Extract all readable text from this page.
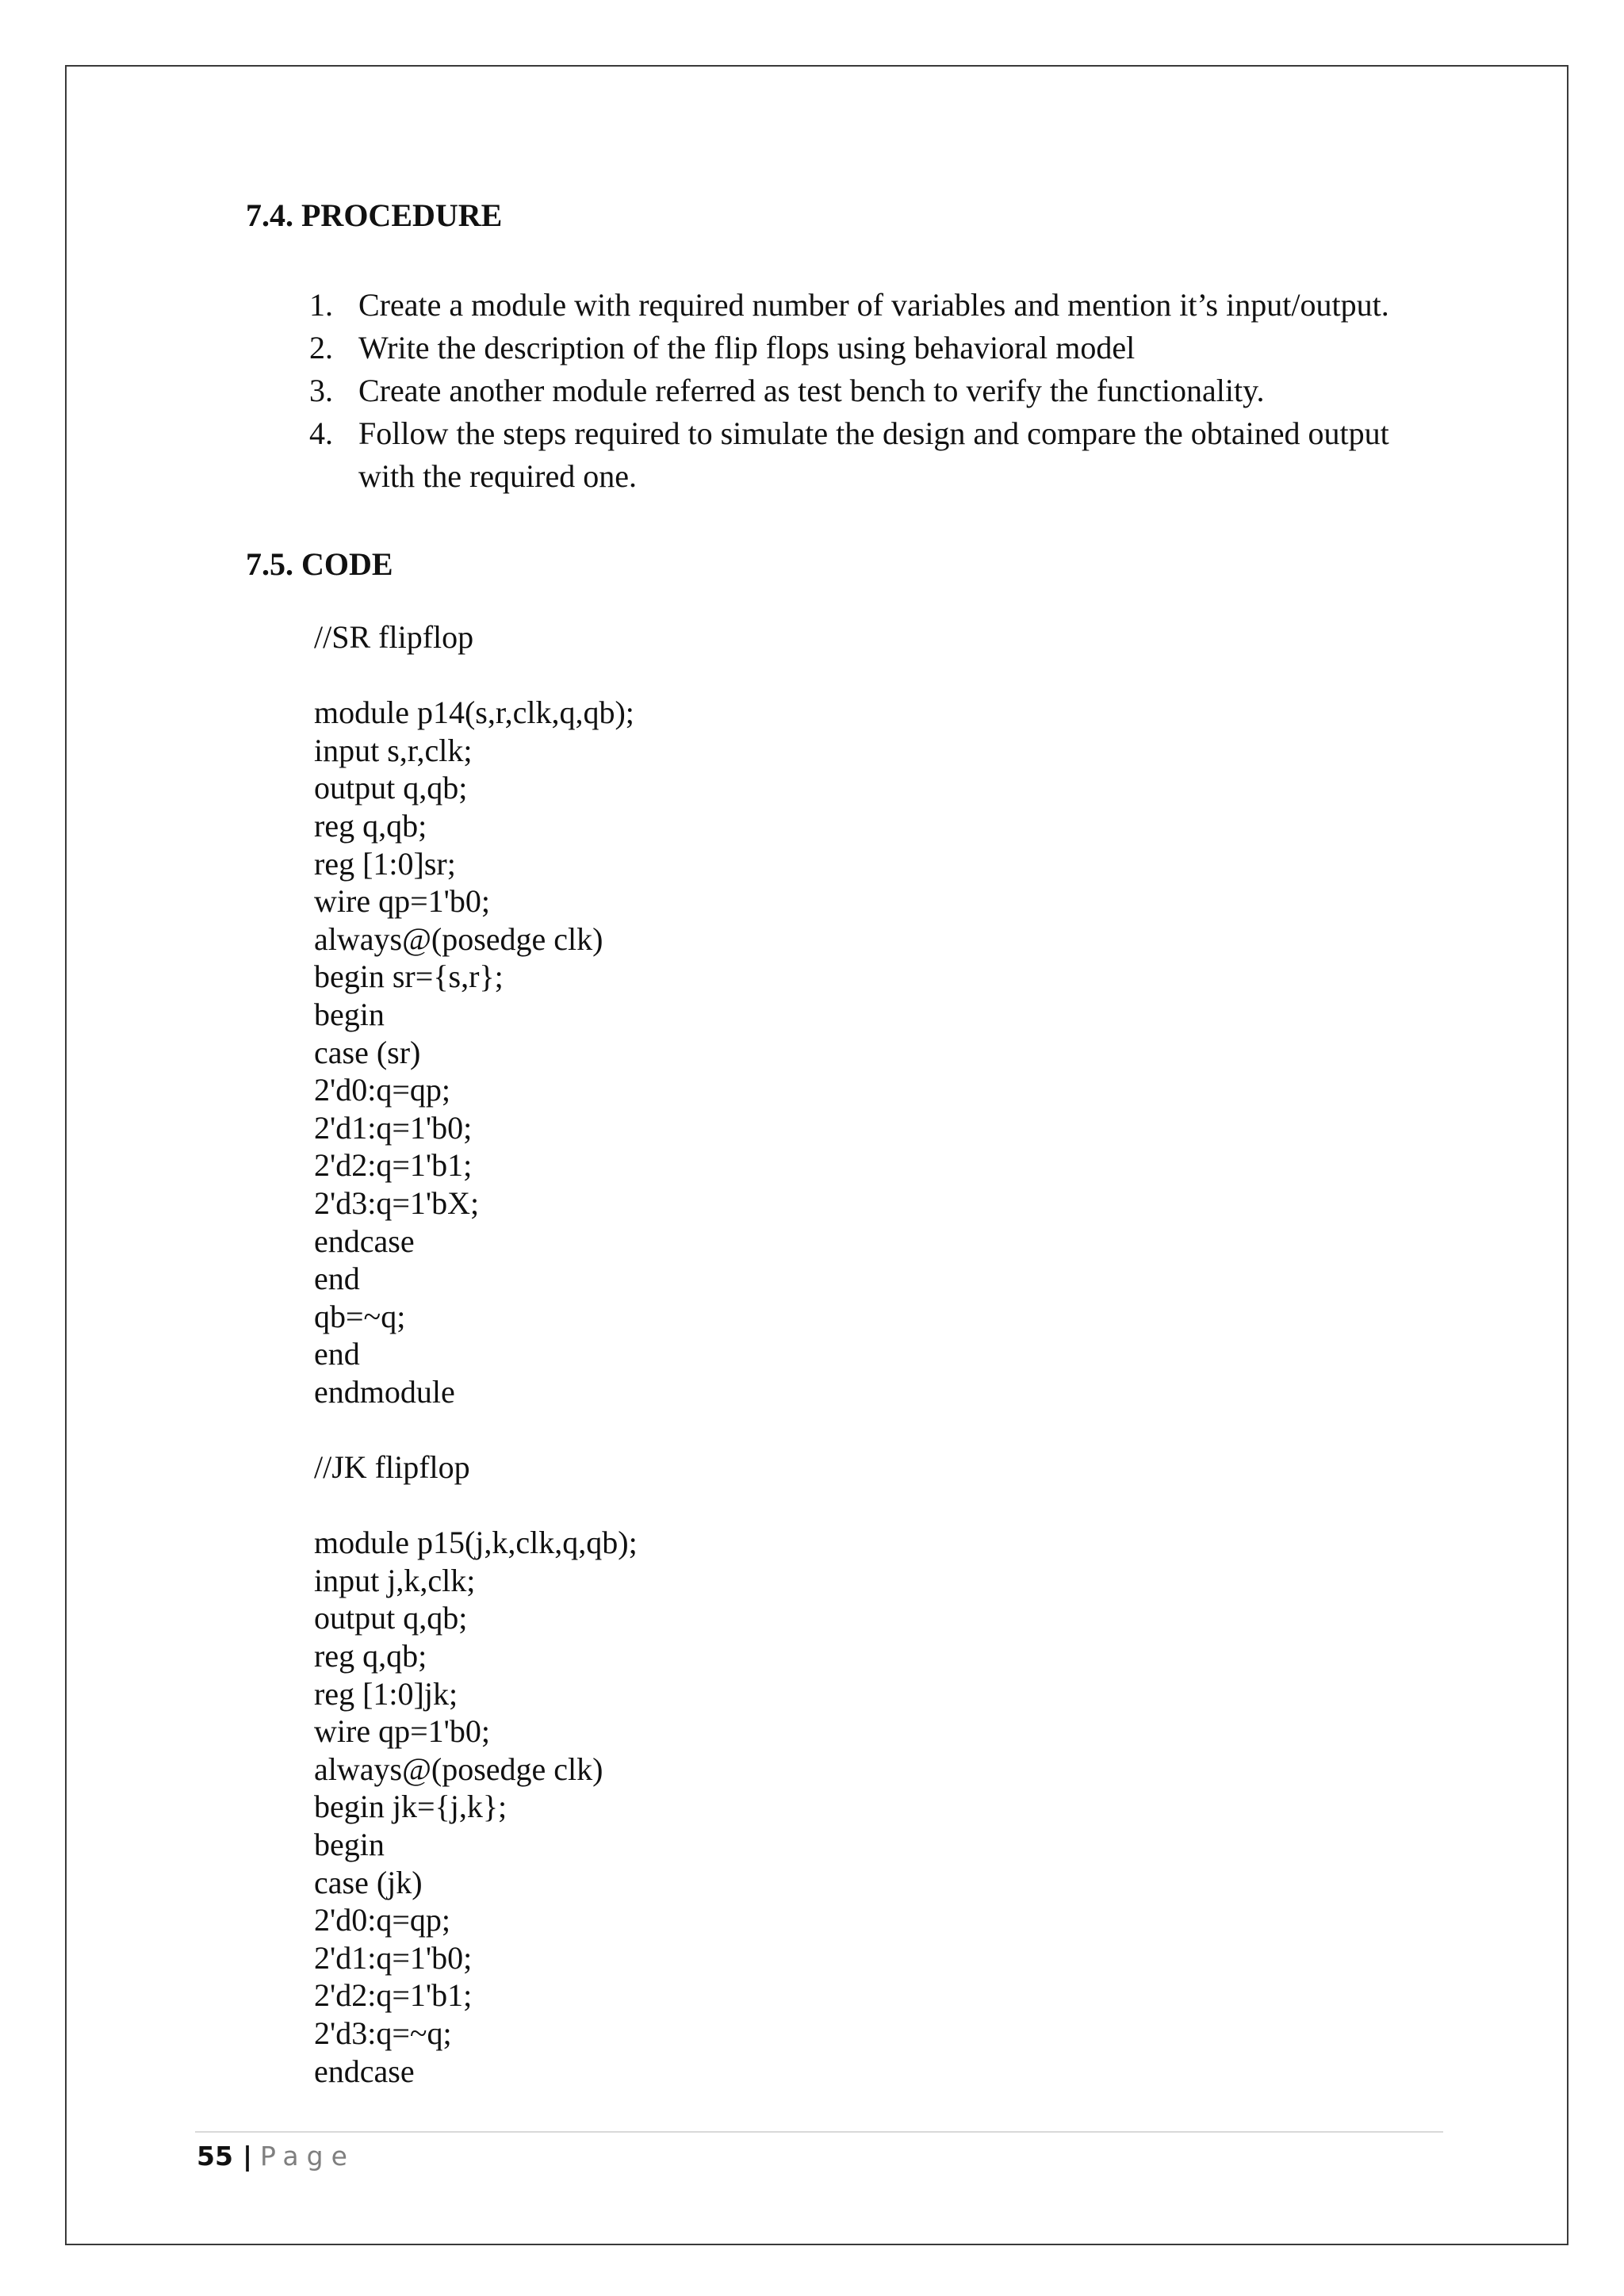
7.4. PROCEDURE
1. Create a module with required number of variables and mention it’s input/output.
2. Write the description of the flip flops using behavioral model
3. Create another module referred as test bench to verify the functionality.
4. Follow the steps required to simulate the design and compare the obtained output with the required one.
7.5. CODE
//SR flipflop
module p14(s,r,clk,q,qb);
input s,r,clk;
output q,qb;
reg q,qb;
reg [1:0]sr;
wire qp=1'b0;
always@(posedge clk)
begin sr={s,r};
begin
case (sr)
2'd0:q=qp;
2'd1:q=1'b0;
2'd2:q=1'b1;
2'd3:q=1'bX;
endcase
end
qb=~q;
end
endmodule
//JK flipflop
module p15(j,k,clk,q,qb);
input j,k,clk;
output q,qb;
reg q,qb;
reg [1:0]jk;
wire qp=1'b0;
always@(posedge clk)
begin jk={j,k};
begin
case (jk)
2'd0:q=qp;
2'd1:q=1'b0;
2'd2:q=1'b1;
2'd3:q=~q;
endcase
55 | Page
